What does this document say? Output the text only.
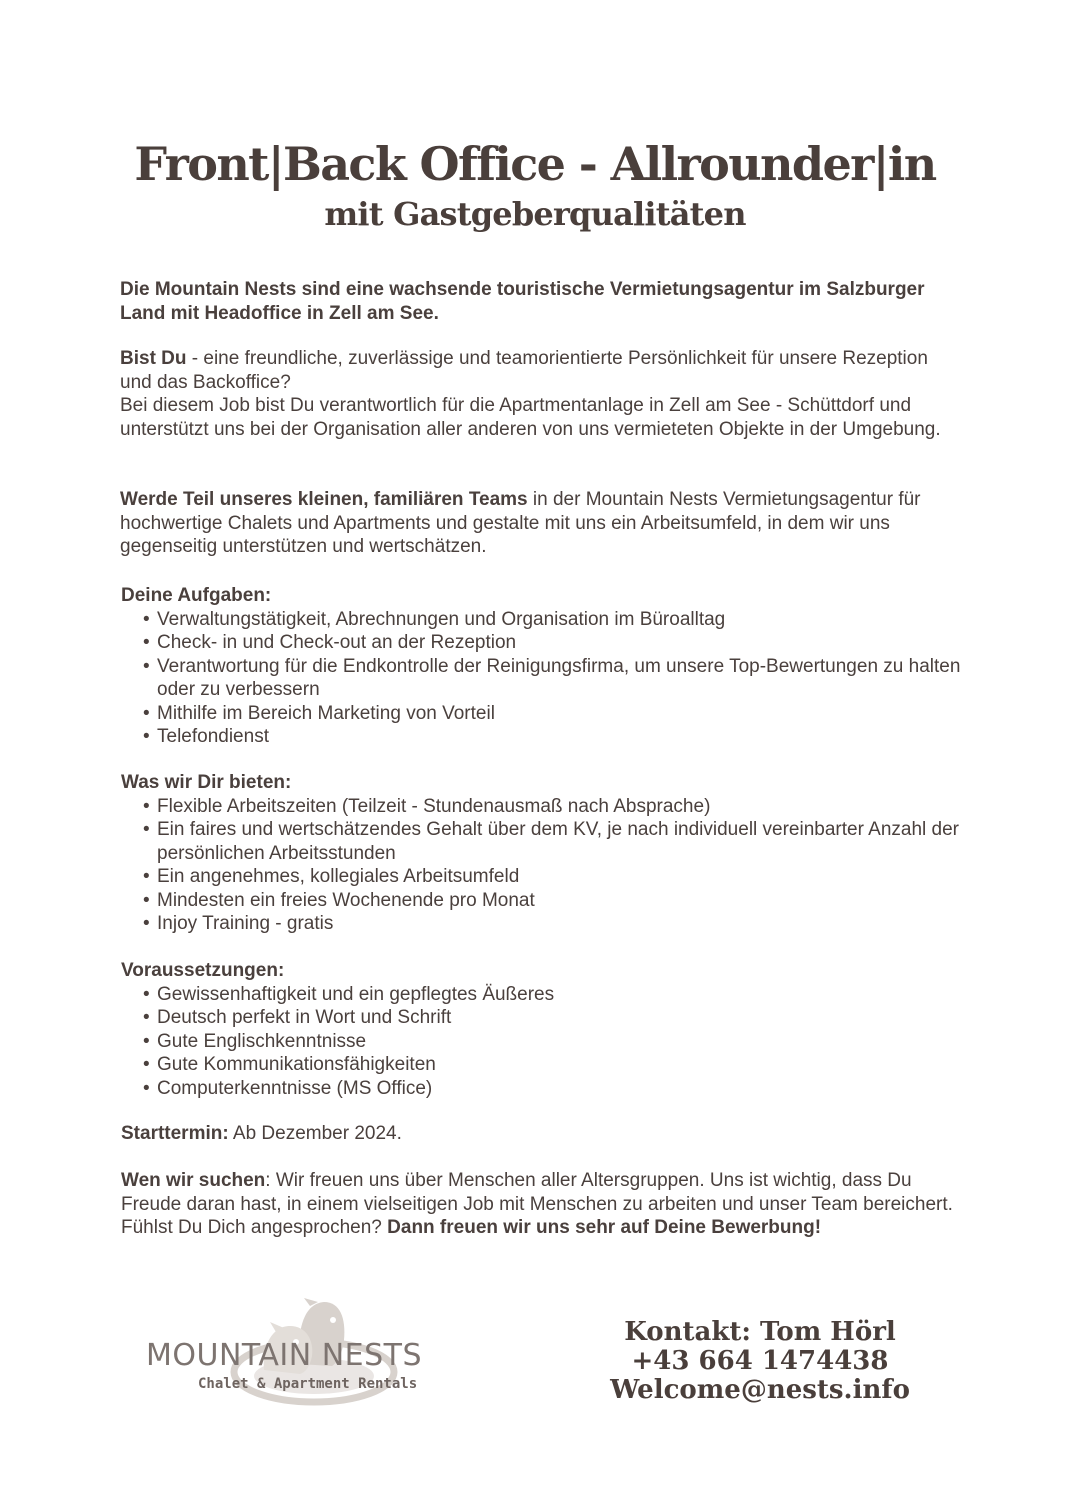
Front|Back Office - Allrounder|in
mit Gastgeberqualitäten
Die Mountain Nests sind eine wachsende touristische Vermietungsagentur im Salzburger Land mit Headoffice in Zell am See.
Bist Du - eine freundliche, zuverlässige und teamorientierte Persönlichkeit für unsere Rezeption und das Backoffice?
Bei diesem Job bist Du verantwortlich für die Apartmentanlage in Zell am See - Schüttdorf und unterstützt uns bei der Organisation aller anderen von uns vermieteten Objekte in der Umgebung.
Werde Teil unseres kleinen, familiären Teams in der Mountain Nests Vermietungsagentur für hochwertige Chalets und Apartments und gestalte mit uns ein Arbeitsumfeld, in dem wir uns gegenseitig unterstützen und wertschätzen.
Deine Aufgaben:
• Verwaltungstätigkeit, Abrechnungen und Organisation im Büroalltag
• Check- in und Check-out an der Rezeption
• Verantwortung für die Endkontrolle der Reinigungsfirma, um unsere Top-Bewertungen zu halten oder zu verbessern
• Mithilfe im Bereich Marketing von Vorteil
• Telefondienst
Was wir Dir bieten:
• Flexible Arbeitszeiten (Teilzeit - Stundenausmaß nach Absprache)
• Ein faires und wertschätzendes Gehalt über dem KV, je nach individuell vereinbarter Anzahl der persönlichen Arbeitsstunden
• Ein angenehmes, kollegiales Arbeitsumfeld
• Mindesten ein freies Wochenende pro Monat
• Injoy Training - gratis
Voraussetzungen:
• Gewissenhaftigkeit und ein gepflegtes Äußeres
• Deutsch perfekt in Wort und Schrift
• Gute Englischkenntnisse
• Gute Kommunikationsfähigkeiten
• Computerkenntnisse (MS Office)
Starttermin: Ab Dezember 2024.
Wen wir suchen: Wir freuen uns über Menschen aller Altersgruppen. Uns ist wichtig, dass Du Freude daran hast, in einem vielseitigen Job mit Menschen zu arbeiten und unser Team bereichert.
Fühlst Du Dich angesprochen? Dann freuen wir uns sehr auf Deine Bewerbung!
MOUNTAIN NESTS
Chalet & Apartment Rentals
Kontakt: Tom Hörl
+43 664 1474438
Welcome@nests.info
